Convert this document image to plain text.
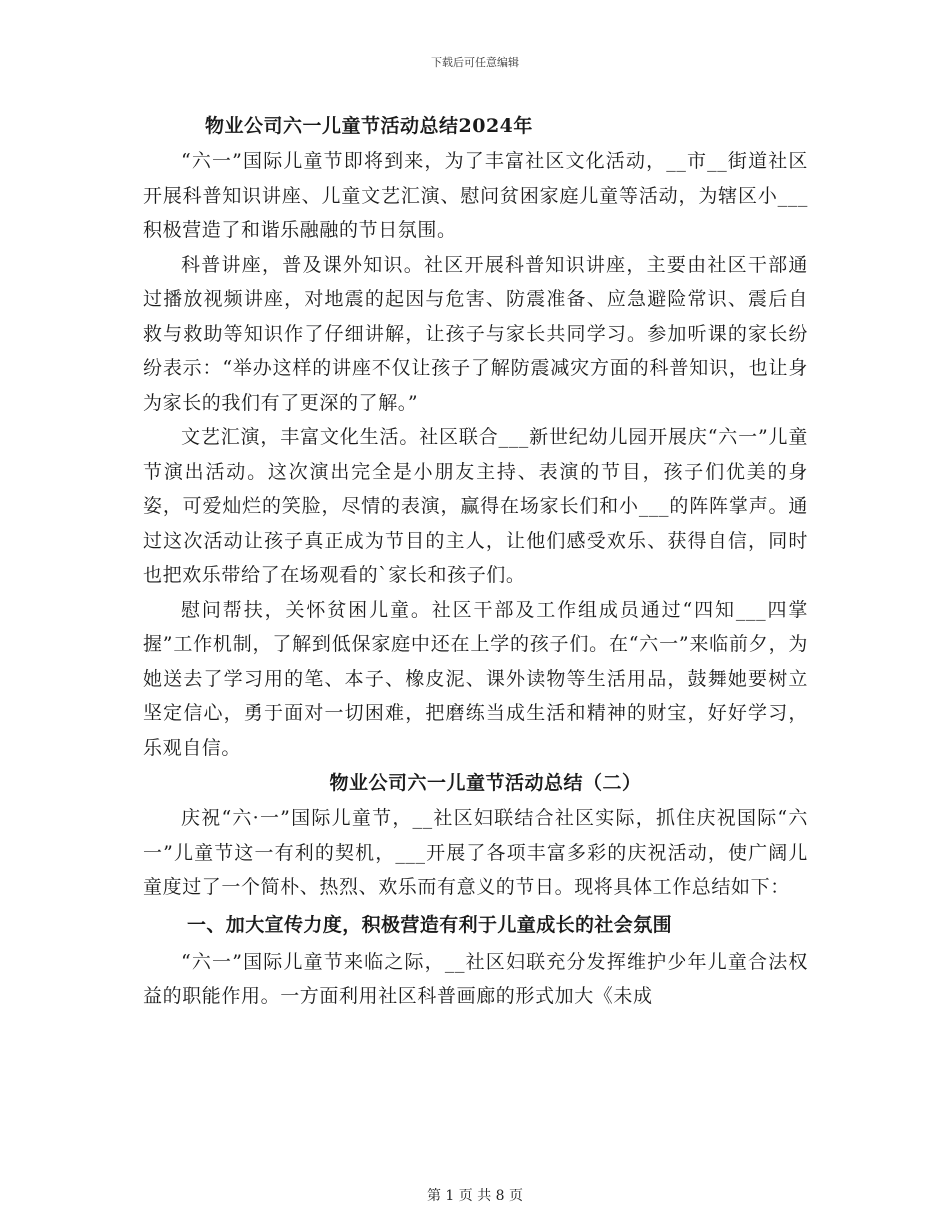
下载后可任意编辑
物业公司六一儿童节活动总结2024年

“六一”国际儿童节即将到来，为了丰富社区文化活动，__市__街道社区开展科普知识讲座、儿童文艺汇演、慰问贫困家庭儿童等活动，为辖区小___积极营造了和谐乐融融的节日氛围。

科普讲座，普及课外知识。社区开展科普知识讲座，主要由社区干部通过播放视频讲座，对地震的起因与危害、防震准备、应急避险常识、震后自救与救助等知识作了仔细讲解，让孩子与家长共同学习。参加听课的家长纷纷表示：“举办这样的讲座不仅让孩子了解防震减灾方面的科普知识，也让身为家长的我们有了更深的了解。”

文艺汇演，丰富文化生活。社区联合___新世纪幼儿园开展庆“六一”儿童节演出活动。这次演出完全是小朋友主持、表演的节目，孩子们优美的身姿，可爱灿烂的笑脸，尽情的表演，赢得在场家长们和小___的阵阵掌声。通过这次活动让孩子真正成为节目的主人，让他们感受欢乐、获得自信，同时也把欢乐带给了在场观看的`家长和孩子们。

慰问帮扶，关怀贫困儿童。社区干部及工作组成员通过“四知___四掌握”工作机制，了解到低保家庭中还在上学的孩子们。在“六一”来临前夕，为她送去了学习用的笔、本子、橡皮泥、课外读物等生活用品，鼓舞她要树立坚定信心，勇于面对一切困难，把磨练当成生活和精神的财宝，好好学习，乐观自信。

物业公司六一儿童节活动总结（二）

庆祝“六·一”国际儿童节，__社区妇联结合社区实际，抓住庆祝国际“六一”儿童节这一有利的契机，___开展了各项丰富多彩的庆祝活动，使广阔儿童度过了一个简朴、热烈、欢乐而有意义的节日。现将具体工作总结如下：

一、加大宣传力度，积极营造有利于儿童成长的社会氛围

“六一”国际儿童节来临之际，__社区妇联充分发挥维护少年儿童合法权益的职能作用。一方面利用社区科普画廊的形式加大《未成

第 1 页 共 8 页
